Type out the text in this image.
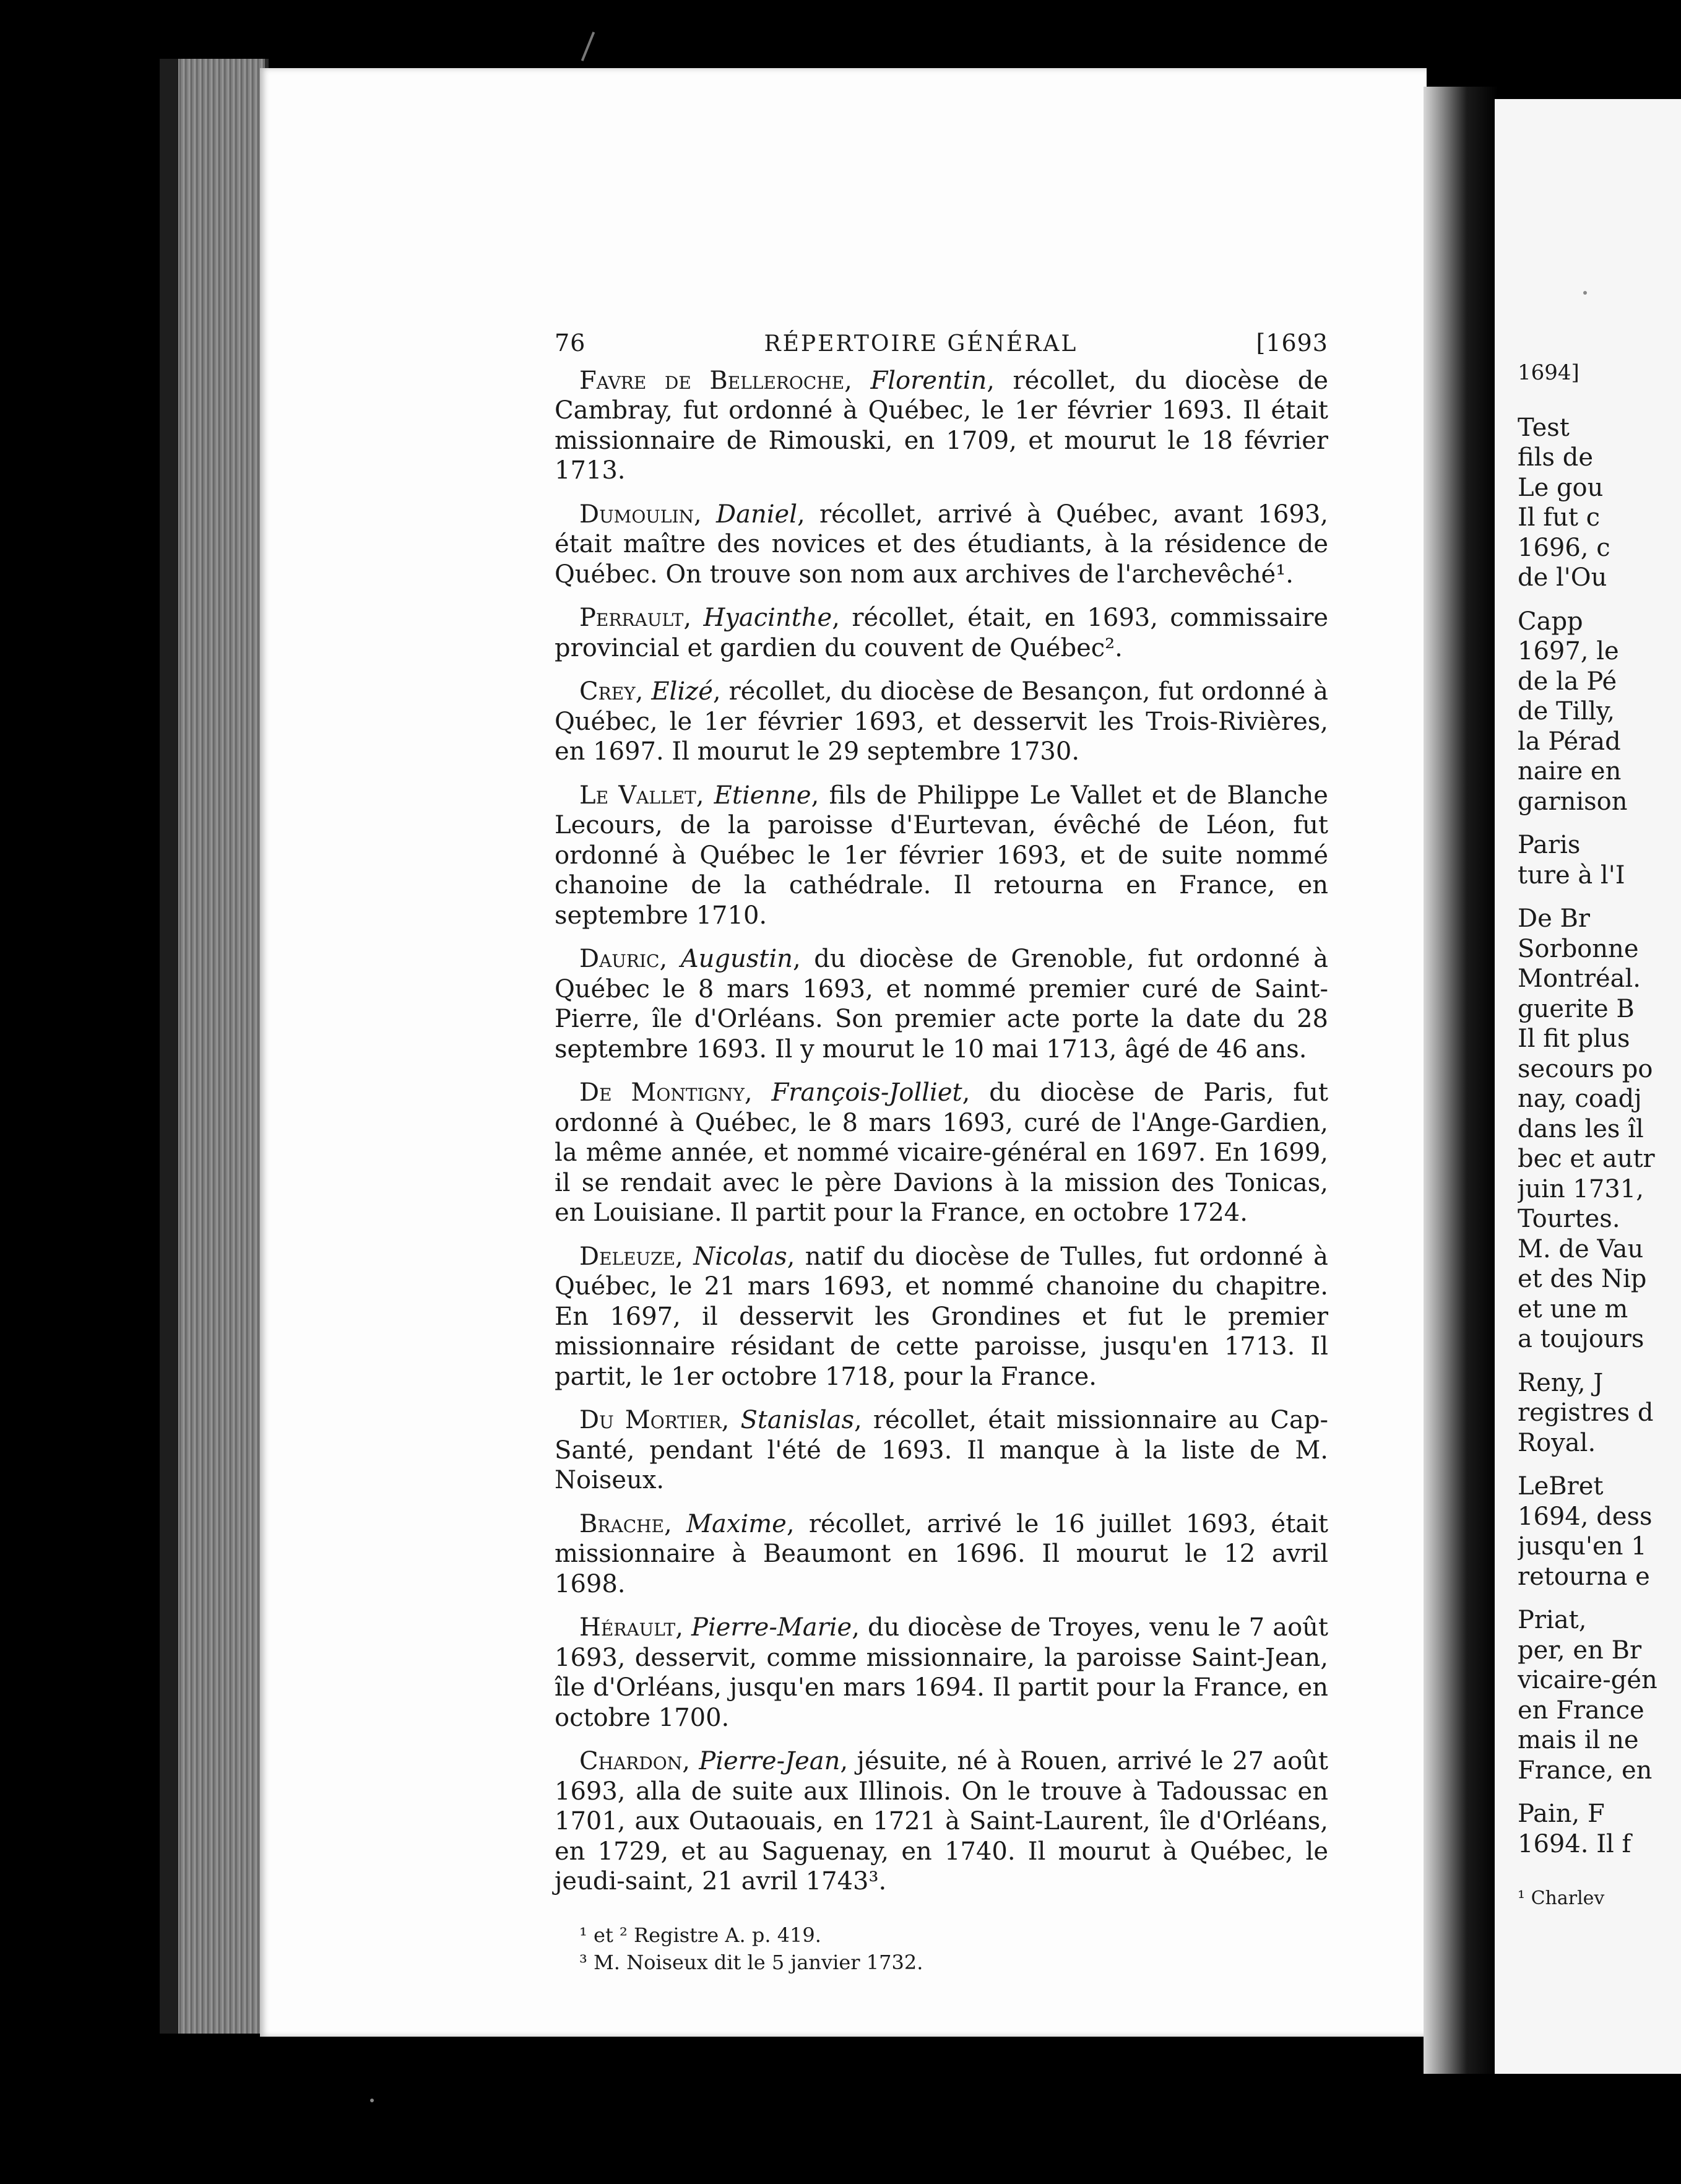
76	RÉPERTOIRE GÉNÉRAL	[1693

Favre de Belleroche, Florentin, récollet, du diocèse de Cambray, fut ordonné à Québec, le 1er février 1693. Il était missionnaire de Rimouski, en 1709, et mourut le 18 février 1713.

Dumoulin, Daniel, récollet, arrivé à Québec, avant 1693, était maître des novices et des étudiants, à la résidence de Québec. On trouve son nom aux archives de l'archevêché¹.

Perrault, Hyacinthe, récollet, était, en 1693, commissaire provincial et gardien du couvent de Québec².

Crey, Elizé, récollet, du diocèse de Besançon, fut ordonné à Québec, le 1er février 1693, et desservit les Trois-Rivières, en 1697. Il mourut le 29 septembre 1730.

Le Vallet, Etienne, fils de Philippe Le Vallet et de Blanche Lecours, de la paroisse d'Eurtevan, évêché de Léon, fut ordonné à Québec le 1er février 1693, et de suite nommé chanoine de la cathédrale. Il retourna en France, en septembre 1710.

Dauric, Augustin, du diocèse de Grenoble, fut ordonné à Québec le 8 mars 1693, et nommé premier curé de Saint-Pierre, île d'Orléans. Son premier acte porte la date du 28 septembre 1693. Il y mourut le 10 mai 1713, âgé de 46 ans.

De Montigny, François-Jolliet, du diocèse de Paris, fut ordonné à Québec, le 8 mars 1693, curé de l'Ange-Gardien, la même année, et nommé vicaire-général en 1697. En 1699, il se rendait avec le père Davions à la mission des Tonicas, en Louisiane. Il partit pour la France, en octobre 1724.

Deleuze, Nicolas, natif du diocèse de Tulles, fut ordonné à Québec, le 21 mars 1693, et nommé chanoine du chapitre. En 1697, il desservit les Grondines et fut le premier missionnaire résidant de cette paroisse, jusqu'en 1713. Il partit, le 1er octobre 1718, pour la France.

Du Mortier, Stanislas, récollet, était missionnaire au Cap-Santé, pendant l'été de 1693. Il manque à la liste de M. Noiseux.

Brache, Maxime, récollet, arrivé le 16 juillet 1693, était missionnaire à Beaumont en 1696. Il mourut le 12 avril 1698.

Hérault, Pierre-Marie, du diocèse de Troyes, venu le 7 août 1693, desservit, comme missionnaire, la paroisse Saint-Jean, île d'Orléans, jusqu'en mars 1694. Il partit pour la France, en octobre 1700.

Chardon, Pierre-Jean, jésuite, né à Rouen, arrivé le 27 août 1693, alla de suite aux Illinois. On le trouve à Tadoussac en 1701, aux Outaouais, en 1721 à Saint-Laurent, île d'Orléans, en 1729, et au Saguenay, en 1740. Il mourut à Québec, le jeudi-saint, 21 avril 1743³.

¹ et ² Registre A. p. 419.
³ M. Noiseux dit le 5 janvier 1732.
1694]
Test
fils de
Le gou
Il fut c
1696, c
de l'Ou
Capp
1697, le
de la Pé
de Tilly,
la Pérad
naire en
garnison
Paris
ture à l'I
De Br
Sorbonne
Montréal.
guerite B
Il fit plus
secours po
nay, coadj
dans les îl
bec et autr
juin 1731,
Tourtes.
M. de Vau
et des Nip
et une m
a toujours
Reny, J
registres d
Royal.
LeBret
1694, dess
jusqu'en 1
retourna e
Priat,
per, en Br
vicaire-gén
en France
mais il ne
France, en
Pain, F
1694. Il f
¹ Charlev
